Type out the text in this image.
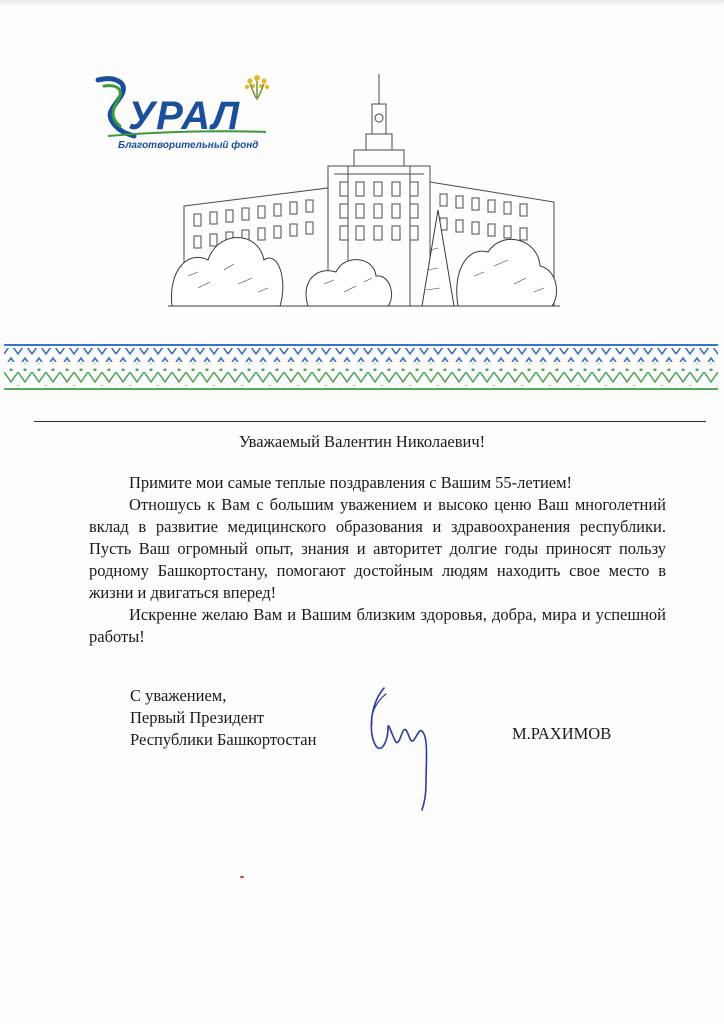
УРАЛ
Благотворительный фонд
Уважаемый Валентин Николаевич!

Примите мои самые теплые поздравления с Вашим 55-летием!

Отношусь к Вам с большим уважением и высоко ценю Ваш многолетний вклад в развитие медицинского образования и здравоохранения республики. Пусть Ваш огромный опыт, знания и авторитет долгие годы приносят пользу родному Башкортостану, помогают достойным людям находить свое место в жизни и двигаться вперед!

Искренне желаю Вам и Вашим близким здоровья, добра, мира и успешной работы!

С уважением,
Первый Президент
Республики Башкортостан	М.РАХИМОВ
